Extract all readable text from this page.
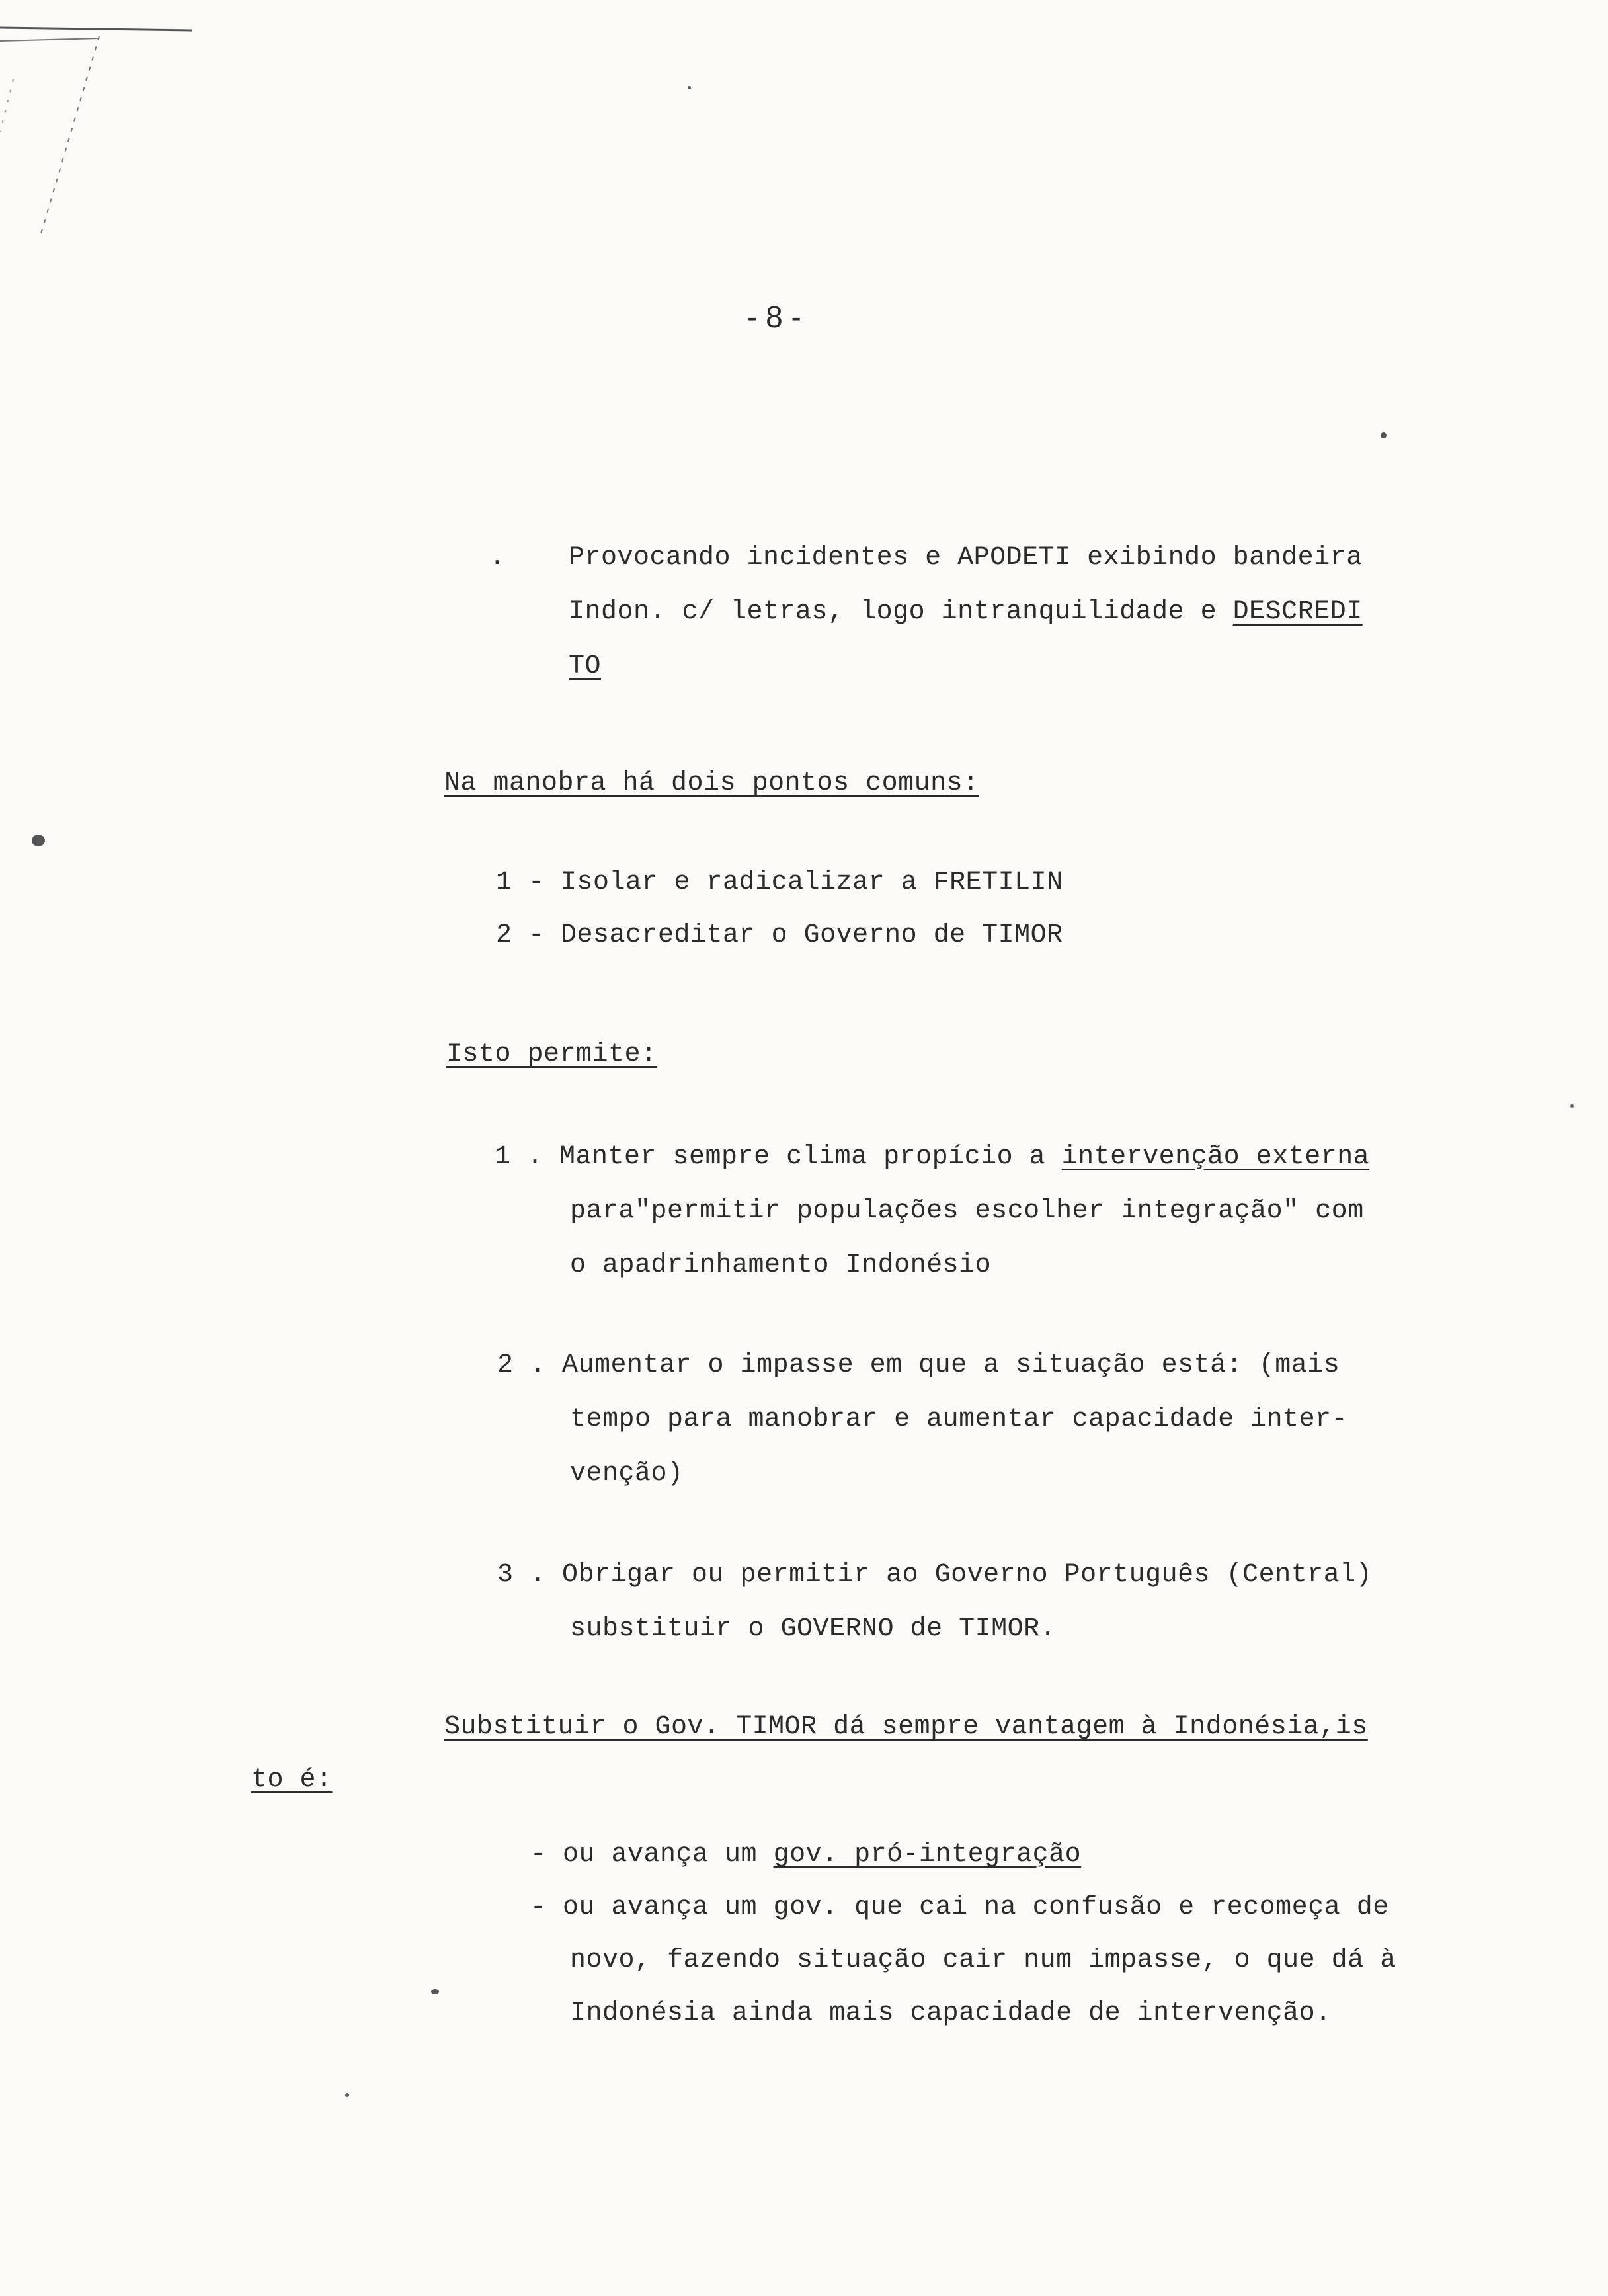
- 8 -
. Provocando incidentes e APODETI exibindo bandeira
Indon. c/ letras, logo intranquilidade e DESCREDI
TO
Na manobra há dois pontos comuns:
1 - Isolar e radicalizar a FRETILIN
2 - Desacreditar o Governo de TIMOR
Isto permite:
1 . Manter sempre clima propício a intervenção externa
para"permitir populações escolher integração" com
o apadrinhamento Indonésio
2 . Aumentar o impasse em que a situação está: (mais
tempo para manobrar e aumentar capacidade inter-
venção)
3 . Obrigar ou permitir ao Governo Português (Central)
substituir o GOVERNO de TIMOR.
Substituir o Gov. TIMOR dá sempre vantagem à Indonésia,is
to é:
- ou avança um gov. pró-integração
- ou avança um gov. que cai na confusão e recomeça de
novo, fazendo situação cair num impasse, o que dá à
Indonésia ainda mais capacidade de intervenção.
